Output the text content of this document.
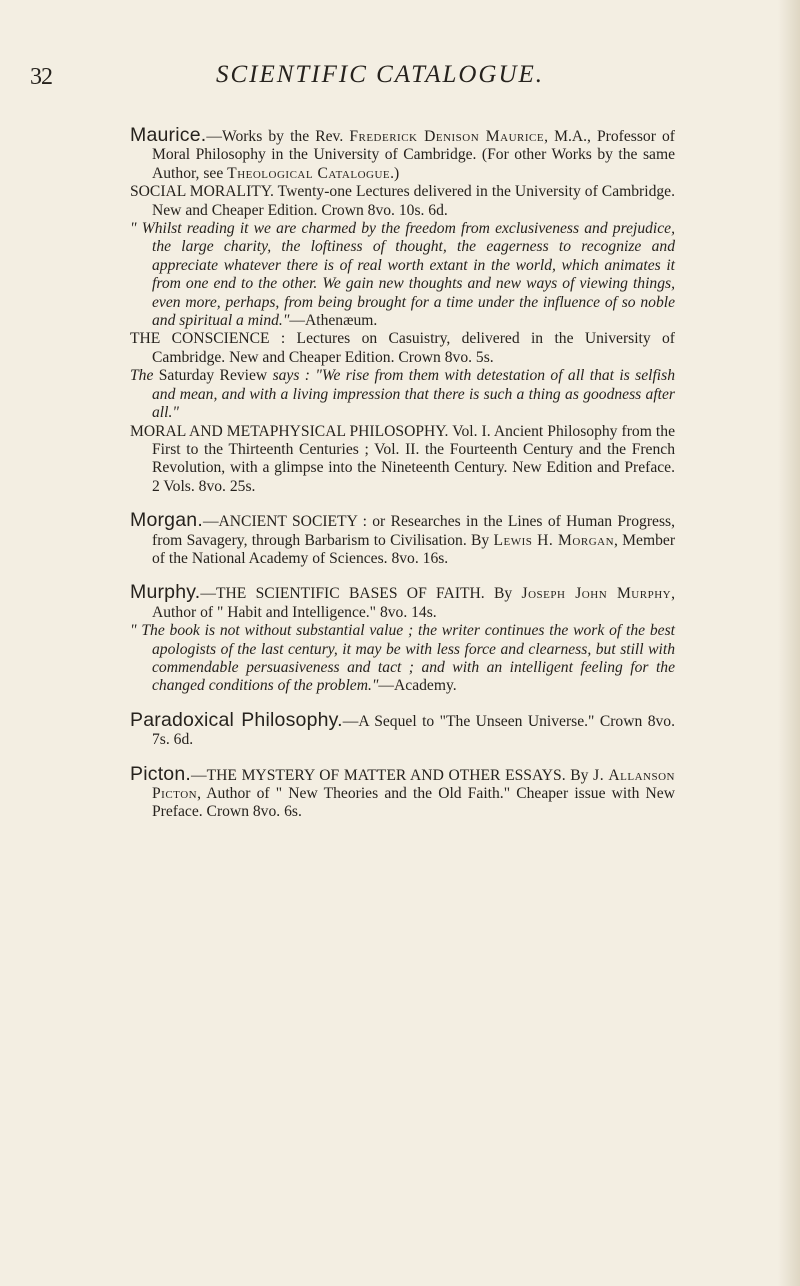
32	SCIENTIFIC CATALOGUE.

Maurice.—Works by the Rev. Frederick Denison Maurice, M.A., Professor of Moral Philosophy in the University of Cambridge. (For other Works by the same Author, see Theological Catalogue.)

SOCIAL MORALITY. Twenty-one Lectures delivered in the University of Cambridge. New and Cheaper Edition. Crown 8vo. 10s. 6d.

" Whilst reading it we are charmed by the freedom from exclusiveness and prejudice, the large charity, the loftiness of thought, the eagerness to recognize and appreciate whatever there is of real worth extant in the world, which animates it from one end to the other. We gain new thoughts and new ways of viewing things, even more, perhaps, from being brought for a time under the influence of so noble and spiritual a mind."—Athenæum.

THE CONSCIENCE : Lectures on Casuistry, delivered in the University of Cambridge. New and Cheaper Edition. Crown 8vo. 5s.

The Saturday Review says : "We rise from them with detestation of all that is selfish and mean, and with a living impression that there is such a thing as goodness after all."

MORAL AND METAPHYSICAL PHILOSOPHY. Vol. I. Ancient Philosophy from the First to the Thirteenth Centuries ; Vol. II. the Fourteenth Century and the French Revolution, with a glimpse into the Nineteenth Century. New Edition and Preface. 2 Vols. 8vo. 25s.

Morgan.—ANCIENT SOCIETY : or Researches in the Lines of Human Progress, from Savagery, through Barbarism to Civilisation. By Lewis H. Morgan, Member of the National Academy of Sciences. 8vo. 16s.

Murphy.—THE SCIENTIFIC BASES OF FAITH. By Joseph John Murphy, Author of " Habit and Intelligence." 8vo. 14s.

" The book is not without substantial value ; the writer continues the work of the best apologists of the last century, it may be with less force and clearness, but still with commendable persuasiveness and tact ; and with an intelligent feeling for the changed conditions of the problem."—Academy.

Paradoxical Philosophy.—A Sequel to "The Unseen Universe." Crown 8vo. 7s. 6d.

Picton.—THE MYSTERY OF MATTER AND OTHER ESSAYS. By J. Allanson Picton, Author of " New Theories and the Old Faith." Cheaper issue with New Preface. Crown 8vo. 6s.
